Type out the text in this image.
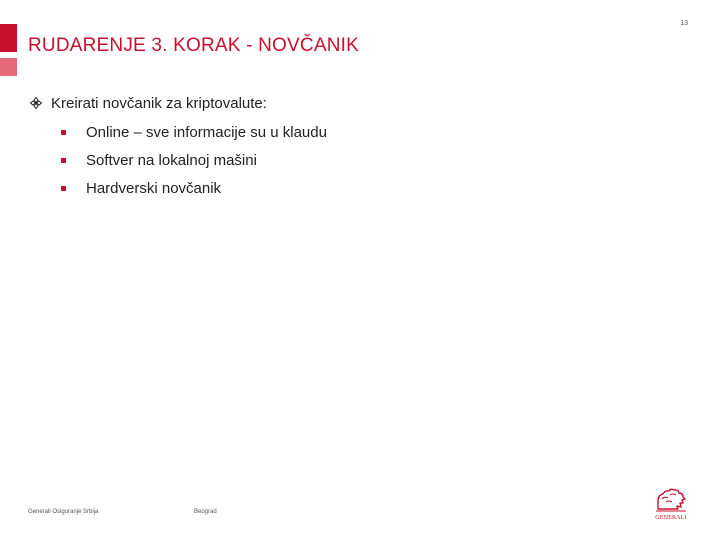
13
RUDARENJE 3. KORAK - NOVČANIK
Kreirati novčanik za kriptovalute:
Online – sve informacije su u klaudu
Softver na lokalnoj mašini
Hardverski novčanik
Generali Osiguranje Srbija	Beograd
GENERALI
